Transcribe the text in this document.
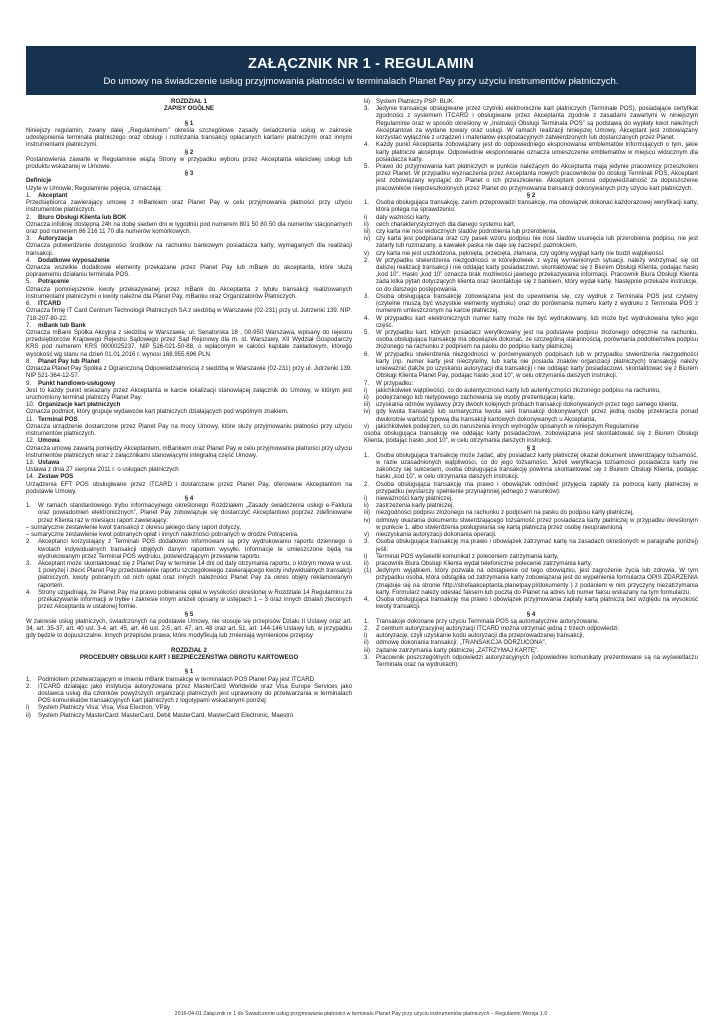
ZAŁĄCZNIK NR 1 - REGULAMIN
Do umowy na świadczenie usług przyjmowania płatności w terminalach Planet Pay przy użyciu instrumentów płatniczych.

ROZDZIAŁ 1

ZAPISY OGÓLNE

§ 1

Niniejszy regulamin, zwany dalej „Regulaminem” określa szczegółowe zasady świadczenia usług w zakresie udostępnienia terminala płatniczego oraz obsługi i rozliczania transakcji opłacanych kartami płatniczymi oraz innymi instrumentami płatniczymi.

§ 2

Postanowienia zawarte w Regulaminie wiążą Strony w przypadku wyboru przez Akceptanta właściwej usługi lub produktu wskazanej w Umowie.

§ 3

Definicje

Użyte w Umowie, Regulaminie pojęcia, oznaczają:

1.	Akceptant

Przedsiębiorca zawierający umowę z mBankiem oraz Planet Pay w celu przyjmowania płatności przy użyciu instrumentów płatniczych.

2.	Biuro Obsługi Klienta lub BOK

Oznacza infolinię dostępną 24h na dobę siedem dni w tygodniu pod numerem 801 50 80 50 dla numerów stacjonarnych oraz pod numerem 86 216 11 70 dla numerów komórkowych.

3.	Autoryzacja

Oznacza potwierdzenie dostępności środków na rachunku bankowym posiadacza karty, wymaganych dla realizacji transakcji.

4.	Dodatkowe wyposażenie

Oznacza wszelkie dodatkowe elementy przekazane przez Planet Pay lub mBank do akceptanta, które służą poprawnemu działaniu terminala POS.

5.	Potrącenie

Oznacza pomniejszenie kwoty przekazywanej przez mBank do Akceptanta z tytułu transakcji realizowanych instrumentami płatniczymi o kwoty należne dla Planet Pay, mBanku oraz Organizatorów Płatniczych.

6.	ITCARD

Oznacza firmę IT Card Centrum Technologii Płatniczych SA z siedzibą w Warszawie (02-231) przy ul. Jutrzenki 139. NIP: 718-207-80-22.

7.	mBank lub Bank

Oznacza mBank Spółka Akcyjna z siedzibą w Warszawie, ul. Senatorska 18 , 00-950 Warszawa, wpisany do rejestru przedsiębiorców Krajowego Rejestru Sądowego przez Sąd Rejonowy dla m. st. Warszawy, XII Wydział Gospodarczy KRS pod numerem KRS 0000025237, NIP 526-021-50-88, o wpłaconym w całości kapitale zakładowym, którego wysokość wg stanu na dzień 01.01.2016 r. wynosi 168.955.696 PLN.

8.	Planet Pay lub Planet

Oznacza Planet Pay Spółka z Ograniczoną Odpowiedzialnością z siedzibą w Warszawie (02-231) przy ul. Jutrzenki 139. NIP 521-364-12-57.

9.	Punkt handlowo-usługowy

Jest to każdy punkt wskazany przez Akceptanta w karcie lokalizacji stanowiącej załącznik do Umowy, w którym jest uruchomiony terminal płatniczy Planet Pay.

10. Organizacje kart płatniczych

Oznacza podmiot, który grupuje wydawców kart płatniczych działających pod wspólnym znakiem.

11. Terminal POS

Oznacza urządzenie dostarczone przez Planet Pay na mocy Umowy, które służy przyjmowaniu płatności przy użyciu instrumentów płatniczych.

12. Umowa

Oznacza umowę zawartą pomiędzy Akceptantem, mBankiem oraz Planet Pay w celu przyjmowania płatności przy użyciu instrumentów płatniczych wraz z załącznikami stanowiącymi integralną część Umowy.

13. Ustawa

Ustawa z dnia 27 sierpnia 2011 r. o usługach płatniczych

14. Zestaw POS

Urządzenia EFT POS obsługiwane przez ITCARD i dostarczane przez Planet Pay, oferowane Akceptantom na podstawie Umowy.

§ 4

1.	W ramach standardowego trybu informacyjnego określonego Rozdziałem „Zasady świadczenia usługi e-Faktura oraz powiadomień elektronicznych”, Planet Pay zobowiązuje się dostarczyć Akceptantowi poprzez zdefiniowane przez Klienta raz w miesiącu raport zawierający:

– sumaryczne zestawienie kwot transakcji z okresu jakiego dany raport dotyczy,

– sumaryczne zestawienie kwot pobranych opłat i innych należności pobranych w drodze Potrącenia.

2.	Akceptanci korzystający z Terminali POS dodatkowo informowani są przy wydrukowaniu raportu dziennego o kwotach indywidualnych transakcji objętych danym raportem wysyłki. Informacje te umieszczone będą na wydrukowanym przez Terminal POS wydruku, potwierdzającym przesłanie raportu.
3.	Akceptant może skontaktować się z Planet Pay w terminie 14 dni od daty otrzymania raportu, o którym mowa w ust. 1 powyżej i zlecić Planet Pay przedstawienie raportu szczegółowego zawierającego kwoty indywidualnych transakcji płatniczych, kwoty pobranych od nich opłat oraz innych należności Planet Pay za okres objęty reklamowanym raportem.
4.	Strony uzgadniają, że Planet Pay ma prawo pobierania opłat w wysokości określonej w Rozdziale 14 Regulaminu za przekazywanie informacji w trybie i zakresie innym aniżeli opisany w ustępach 1 – 3 oraz innych działań zleconych przez Akceptanta w ustalonej formie.

§ 5

W zakresie usług płatniczych, świadczonych na podstawie Umowy, nie stosuje się przepisów Działu II Ustawy oraz art. 34, art. 35-37, art. 40 ust. 3-4, art. 45, art. 46 ust. 2-5, art. 47, art. 48 oraz art. 51, art. 144-146 Ustawy lub, w przypadku gdy będzie to dopuszczalne, innych przepisów prawa, które modyfikują lub zmieniają wymienione przepisy

ROZDZIAŁ 2

PROCEDURY OBSŁUGI KART I BEZPIECZEŃSTWA OBROTU KARTOWEGO

§ 1

1.	Podmiotem przetwarzającym w imieniu mBank transakcje w terminalach POS Planet Pay jest ITCARD.
2.	ITCARD działając jako instytucja autoryzowana przez MasterCard Worldwide oraz Visa Europe Services jako dostawca usług dla członków powyższych organizacji płatniczych jest uprawniony do przetwarzania w terminalach POS komunikatów transakcyjnych kart płatniczych z logotypami wskazanymi poniżej:
i)	System Płatniczy Visa: Visa, Visa Electron, VPay
ii)	System Płatniczy MasterCard: MasterCard, Debit MasterCard, MasterCard Electronic, Maestro
iii) System Płatniczy PSP: BLIK
3.	Jedynie transakcje obsługiwane przez czytniki elektroniczne kart płatniczych (Terminale POS), posiadające certyfikat zgodności z systemem ITCARD i obsługiwane przez Akceptanta zgodnie z zasadami zawartymi w niniejszym Regulaminie oraz w sposób określony w „Instrukcji Obsługi Terminala POS” są podstawą do wypłaty kwot należnych Akceptantowi za wydane towary oraz usługi. W ramach realizacji niniejszej Umowy, Akceptant jest zobowiązany korzystać wyłącznie z urządzeń i materiałów eksploatacyjnych zatwierdzonych lub dostarczanych przez Planet.
4.	Każdy punkt Akceptanta zobowiązany jest do odpowiedniego eksponowania emblematów informujących o tym, jakie karty płatnicze akceptuje. Odpowiednie eksponowanie oznacza umieszczenie emblematów w miejscu widocznym dla posiadacza karty.
5.	Prawo do przyjmowania kart płatniczych w punkcie należącym do Akceptanta mają jedynie pracownicy przeszkoleni przez Planet. W przypadku wyznaczenia przez Akceptanta nowych pracowników do obsługi Terminali POS, Akceptant jest zobowiązany wystąpić do Planet o ich przeszkolenie. Akceptant ponosi odpowiedzialność za dopuszczenie pracowników nieprzeszkolonych przez Planet do przyjmowania transakcji dokonywanych przy użyciu kart płatniczych.

§ 2

1.	Osoba obsługująca transakcję, zanim przeprowadzi transakcję, ma obowiązek dokonać każdorazowej weryfikacji karty, która polega na sprawdzeniu:
i)	daty ważności karty,
ii)	cech charakterystycznych dla danego systemu kart,
iii) czy karta nie nosi widocznych śladów podrobienia lub przerobienia,
iv) czy karta jest podpisana oraz czy pasek wzoru podpisu nie nosi śladów usunięcia lub przerobienia podpisu, nie jest zatarty lub rozmazany, a kawałek paska nie daje się zaczepić paznokciem,
v)	czy karta nie jest uszkodzona, pęknięta, przecięta, złamana, czy ogólny wygląd karty nie budzi wątpliwości.
2.	W przypadku stwierdzenia niezgodności w którejkolwiek z wyżej wymienionych sytuacji, należy wstrzymać się od dalszej realizacji transakcji i nie oddając karty posiadaczowi, skontaktować się z Biurem Obsługi Klienta, podając hasło „kod 10”. Hasło „kod 10” oznacza brak możliwości jawnego przekazywania informacji. Pracownik Biura Obsługi Klienta zada kilka pytań dotyczących klienta oraz skontaktuje się z bankiem, który wydał kartę. Następnie przekaże instrukcje, co do dalszego postępowania.
3.	Osoba obsługująca transakcję zobowiązana jest do upewnienia się, czy wydruk z Terminala POS jest czytelny (czytelne muszą być wszystkie elementy wydruku) oraz do porównania numeru karty z wydruku z Terminala POS z numerem umieszczonym na karcie płatniczej.
4.	W przypadku kart elektronicznych numer karty może nie być wydrukowany, lub może być wydrukowana tylko jego część.
5.	W przypadku kart, których posiadacz weryfikowany jest na podstawie podpisu złożonego odręcznie na rachunku, osoba obsługująca transakcję ma obowiązek dokonać, ze szczególną starannością, porównania podobieństwa podpisu złożonego na rachunku z podpisem na pasku do podpisu karty płatniczej.
6.	W przypadku stwierdzenia niezgodności w porównywanych podpisach lub w przypadku stwierdzenia niezgodności karty (np. numer karty jest nieczytelny, lub karta nie posiada znaków organizacji płatniczych) transakcję należy unieważnić (także po uzyskaniu autoryzacji dla transakcji) i nie oddając karty posiadaczowi, skontaktować się z Biurem Obsługi Klienta Planet Pay, podając hasło „kod 10”, w celu otrzymania dalszych instrukcji.
7.	W przypadku:
i)	jakichkolwiek wątpliwości, co do autentyczności karty lub autentyczności złożonego podpisu na rachunku,
ii)	podejrzanego lub nietypowego zachowania się osoby prezentującej kartę,
iii) uzyskania odmów wydawcy przy dwóch kolejnych próbach transakcji dokonywanych przez tego samego klienta,
iv) gdy kwota transakcji lub sumaryczna kwota serii transakcji dokonywanych przez jedną osobę przekracza ponad dwukrotnie wartość typową dla transakcji kartowych dokonywanych u Akceptanta,
v)	jakichkolwiek podejrzeń, co do naruszenia innych wymogów opisanych w niniejszym Regulaminie

osoba obsługująca transakcję nie oddając karty posiadaczowi, zobowiązana jest skontaktować się z Biurem Obsługi Klienta, podając hasło „kod 10”, w celu otrzymania dalszych instrukcji.

§ 3

1.	Osoba obsługująca transakcję może żądać, aby posiadacz karty płatniczej okazał dokument stwierdzający tożsamość, w razie uzasadnionych wątpliwości, co do jego tożsamości. Jeżeli weryfikacja tożsamości posiadacza karty nie zakończy się sukcesem, osoba obsługująca transakcję powinna skontaktować się z Biurem Obsługi Klienta, podając hasło „kod 10”, w celu otrzymania dalszych instrukcji.
2.	Osoba obsługująca transakcję ma prawo i obowiązek odmówić przyjęcia zapłaty za pomocą karty płatniczej w przypadku (wystarczy spełnienie przynajmniej jednego z warunków):
i)	nieważności karty płatniczej,
ii)	zastrzeżenia karty płatniczej,
iii) niezgodności podpisu złożonego na rachunku z podpisem na pasku do podpisu karty płatniczej,
iv) odmowy okazania dokumentu stwierdzającego tożsamość przez posiadacza karty płatniczej w przypadku określonym w punkcie 1, albo stwierdzenia posługiwania się kartą płatniczą przez osobę nieuprawnioną
v)	nieuzyskania autoryzacji dokonania operacji.
3.	Osoba obsługująca transakcję ma prawo i obowiązek zatrzymać kartę na zasadach określonych w paragrafie poniżej) jeśli:
i)	Terminal POS wyświetlił komunikat z poleceniem zatrzymania karty,
ii)	pracownik Biura Obsługi Klienta wydał telefoniczne polecenie zatrzymania karty.
(1) Jedynym wyjątkiem, który pozwala na odstąpienie od tego obowiązku, jest zagrożenie życia lub zdrowia. W tym przypadku osoba, która odstąpiła od zatrzymania karty zobowiązana jest do wypełnienia formularza OPIS ZDARZENIA (znajduje się na stronie http://strefaakceptanta.planetpay.pl/dokumenty ) z podaniem w nim przyczyny niezatrzymania karty. Formularz należy odesłać faksem lub pocztą do Planet na adres lub numer faksu wskazany na tym formularzu.
4.	Osoba obsługująca transakcję ma prawo i obowiązek przyjmowania zapłaty kartą płatniczą bez względu na wysokość kwoty transakcji.

§ 4

1.	Transakcje dokonane przy użyciu Terminala POS są automatycznie autoryzowane.
2.	Z centrum autoryzacyjnej autoryzacji ITCARD można otrzymać jedną z trzech odpowiedzi:
i)	autoryzację, czyli uzyskanie kodu autoryzacji dla przeprowadzanej transakcji,
ii)	odmowę dokonania transakcji: „TRANSAKCJA ODRZUCONA”,
iii) żądanie zatrzymania karty płatniczej „ZATRZYMAJ KARTĘ”.
3.	Pracownik poszczególnych odpowiedzi autoryzacyjnych (odpowiednie komunikaty prezentowane są na wyświetlaczu Terminala oraz na wydrukach):
2016-04-01 Załącznik nr 1 do Świadczenie usług przyjmowania płatności w terminalu Planet Pay przy użyciu instrumentów płatniczych – Regulamin Wersja 1.0
